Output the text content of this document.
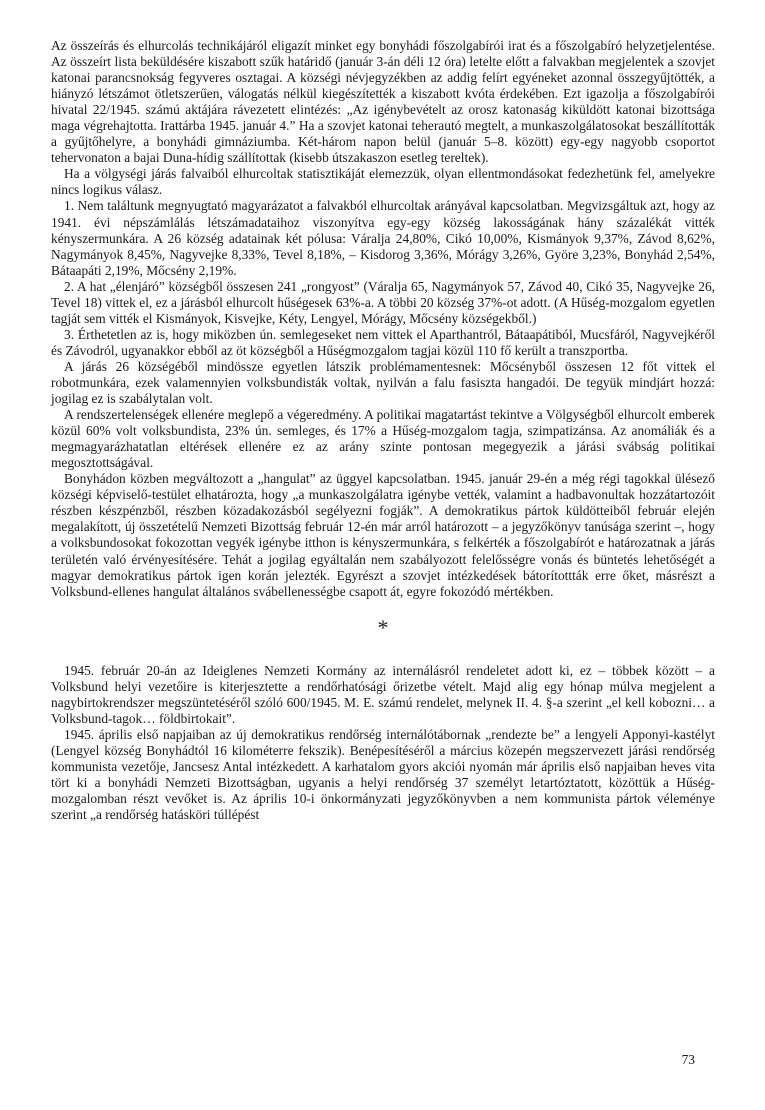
Az összeírás és elhurcolás technikájáról eligazít minket egy bonyhádi főszolgabírói irat és a főszolgabíró helyzetjelentése. Az összeírt lista beküldésére kiszabott szűk határidő (január 3-án déli 12 óra) letelte előtt a falvakban megjelentek a szovjet katonai parancsnokság fegyveres osztagai. A községi névjegyzékben az addig felírt egyéneket azonnal összegyűjtötték, a hiányzó létszámot ötletszerűen, válogatás nélkül kiegészítették a kiszabott kvóta érdekében. Ezt igazolja a főszolgabírói hivatal 22/1945. számú aktájára rávezetett elintézés: „Az igénybevételt az orosz katonaság kiküldött katonai bizottsága maga végrehajtotta. Irattárba 1945. január 4.” Ha a szovjet katonai teherautó megtelt, a munkaszolgálatosokat beszállították a gyűjtőhelyre, a bonyhádi gimnáziumba. Két-három napon belül (január 5–8. között) egy-egy nagyobb csoportot tehervonaton a bajai Duna-hídig szállítottak (kisebb útszakaszon esetleg tereltek).

Ha a völgységi járás falvaiból elhurcoltak statisztikáját elemezzük, olyan ellentmondásokat fedezhetünk fel, amelyekre nincs logikus válasz.

1. Nem találtunk megnyugtató magyarázatot a falvakból elhurcoltak arányával kapcsolatban. Megvizsgáltuk azt, hogy az 1941. évi népszámlálás létszámadataihoz viszonyítva egy-egy község lakosságának hány százalékát vitték kényszermunkára. A 26 község adatainak két pólusa: Váralja 24,80%, Cikó 10,00%, Kismányok 9,37%, Závod 8,62%, Nagymányok 8,45%, Nagyvejke 8,33%, Tevel 8,18%, – Kisdorog 3,36%, Mórágy 3,26%, Györe 3,23%, Bonyhád 2,54%, Bátaapáti 2,19%, Mőcsény 2,19%.

2. A hat „élenjáró” községből összesen 241 „rongyost” (Váralja 65, Nagymányok 57, Závod 40, Cikó 35, Nagyvejke 26, Tevel 18) vittek el, ez a járásból elhurcolt hűségesek 63%-a. A többi 20 község 37%-ot adott. (A Hűség-mozgalom egyetlen tagját sem vitték el Kismányok, Kisvejke, Kéty, Lengyel, Mórágy, Mőcsény községekből.)

3. Érthetetlen az is, hogy miközben ún. semlegeseket nem vittek el Aparthantról, Bátaapátiból, Mucsfáról, Nagyvejkéről és Závodról, ugyanakkor ebből az öt községből a Hűségmozgalom tagjai közül 110 fő került a transzportba.

A járás 26 községéből mindössze egyetlen látszik problémamentesnek: Mőcsényből összesen 12 főt vittek el robotmunkára, ezek valamennyien volksbundisták voltak, nyilván a falu fasiszta hangadói. De tegyük mindjárt hozzá: jogilag ez is szabálytalan volt.

A rendszertelenségek ellenére meglepő a végeredmény. A politikai magatartást tekintve a Völgységből elhurcolt emberek közül 60% volt volksbundista, 23% ún. semleges, és 17% a Hűség-mozgalom tagja, szimpatizánsa. Az anomáliák és a megmagyarázhatatlan eltérések ellenére ez az arány szinte pontosan megegyezik a járási svábság politikai megosztottságával.

Bonyhádon közben megváltozott a „hangulat” az üggyel kapcsolatban. 1945. január 29-én a még régi tagokkal ülésező községi képviselő-testület elhatározta, hogy „a munkaszolgálatra igénybe vették, valamint a hadbavonultak hozzátartozóit részben készpénzből, részben közadakozásból segélyezni fogják”. A demokratikus pártok küldötteiből február elején megalakított, új összetételű Nemzeti Bizottság február 12-én már arról határozott – a jegyzőkönyv tanúsága szerint –, hogy a volksbundosokat fokozottan vegyék igénybe itthon is kényszermunkára, s felkérték a főszolgabírót e határozatnak a járás területén való érvényesítésére. Tehát a jogilag egyáltalán nem szabályozott felelősségre vonás és büntetés lehetőségét a magyar demokratikus pártok igen korán jelezték. Egyrészt a szovjet intézkedések bátorítottták erre őket, másrészt a Volksbund-ellenes hangulat általános svábellenességbe csapott át, egyre fokozódó mértékben.

*

1945. február 20-án az Ideiglenes Nemzeti Kormány az internálásról rendeletet adott ki, ez – többek között – a Volksbund helyi vezetőire is kiterjesztette a rendőrhatósági őrizetbe vételt. Majd alig egy hónap múlva megjelent a nagybirtokrendszer megszüntetéséről szóló 600/1945. M. E. számú rendelet, melynek II. 4. §-a szerint „el kell kobozni… a Volksbund-tagok… földbirtokait”.

1945. április első napjaiban az új demokratikus rendőrség internálótábornak „rendezte be” a lengyeli Apponyi-kastélyt (Lengyel község Bonyhádtól 16 kilométerre fekszik). Benépesítéséről a március közepén megszervezett járási rendőrség kommunista vezetője, Jancsesz Antal intézkedett. A karhatalom gyors akciói nyomán már április első napjaiban heves vita tört ki a bonyhádi Nemzeti Bizottságban, ugyanis a helyi rendőrség 37 személyt letartóztatott, közöttük a Hűség-mozgalomban részt vevőket is. Az április 10-i önkormányzati jegyzőkönyvben a nem kommunista pártok véleménye szerint „a rendőrség hatásköri túllépést

73
